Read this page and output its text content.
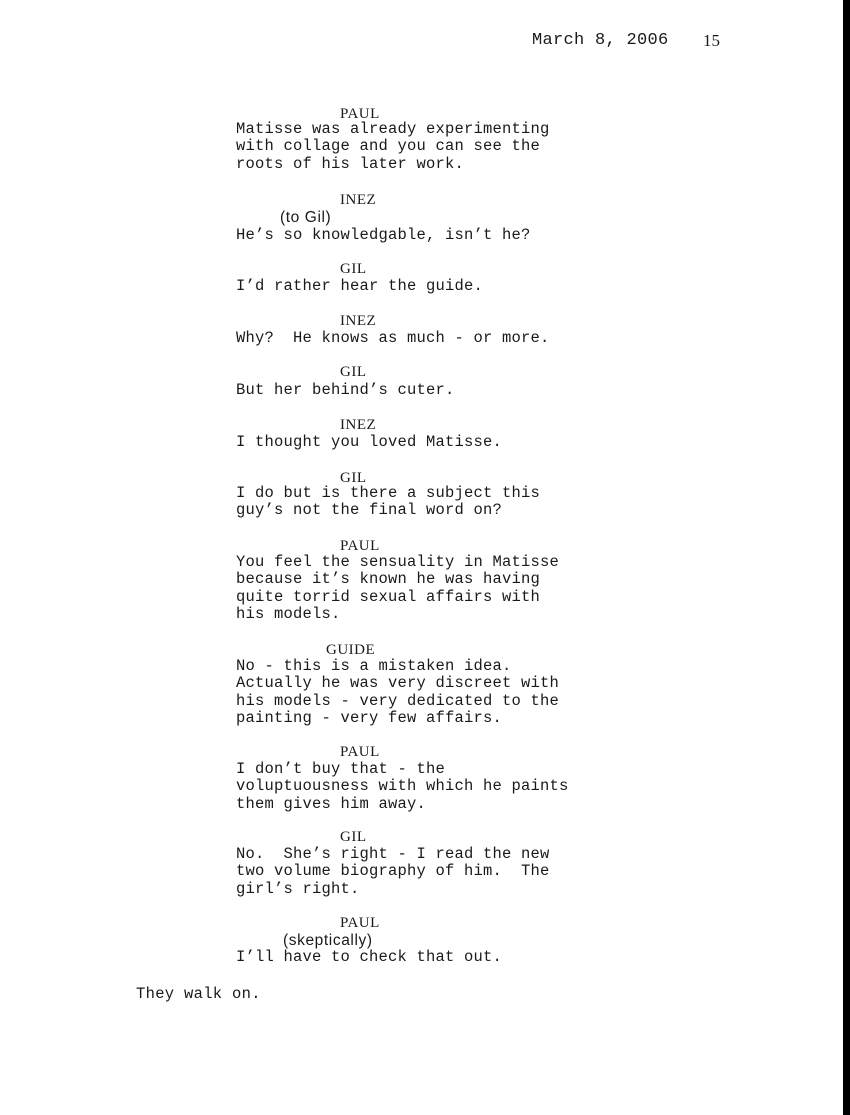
March 8, 2006 15
PAUL
Matisse was already experimenting
with collage and you can see the
roots of his later work.
INEZ
(to Gil)
He’s so knowledgable, isn’t he?
GIL
I’d rather hear the guide.
INEZ
Why?  He knows as much - or more.
GIL
But her behind’s cuter.
INEZ
I thought you loved Matisse.
GIL
I do but is there a subject this
guy’s not the final word on?
PAUL
You feel the sensuality in Matisse
because it’s known he was having
quite torrid sexual affairs with
his models.
GUIDE
No - this is a mistaken idea.
Actually he was very discreet with
his models - very dedicated to the
painting - very few affairs.
PAUL
I don’t buy that - the
voluptuousness with which he paints
them gives him away.
GIL
No.  She’s right - I read the new
two volume biography of him.  The
girl’s right.
PAUL
(skeptically)
I’ll have to check that out.
They walk on.
